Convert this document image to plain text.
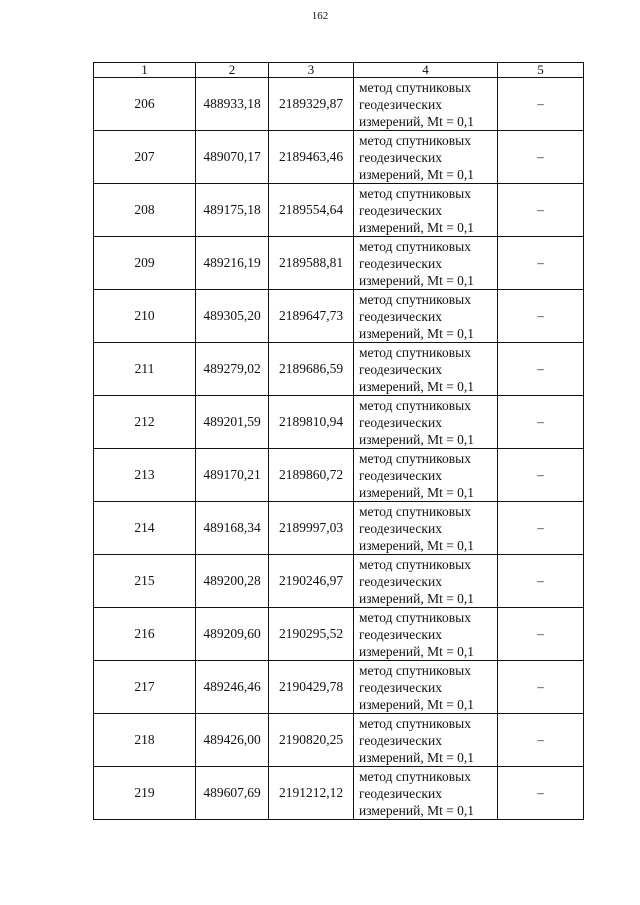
162
1	2	3	4	5
206	488933,18	2189329,87	метод спутниковых
геодезических
измерений, Mt = 0,1	–
207	489070,17	2189463,46	метод спутниковых
геодезических
измерений, Mt = 0,1	–
208	489175,18	2189554,64	метод спутниковых
геодезических
измерений, Mt = 0,1	–
209	489216,19	2189588,81	метод спутниковых
геодезических
измерений, Mt = 0,1	–
210	489305,20	2189647,73	метод спутниковых
геодезических
измерений, Mt = 0,1	–
211	489279,02	2189686,59	метод спутниковых
геодезических
измерений, Mt = 0,1	–
212	489201,59	2189810,94	метод спутниковых
геодезических
измерений, Mt = 0,1	–
213	489170,21	2189860,72	метод спутниковых
геодезических
измерений, Mt = 0,1	–
214	489168,34	2189997,03	метод спутниковых
геодезических
измерений, Mt = 0,1	–
215	489200,28	2190246,97	метод спутниковых
геодезических
измерений, Mt = 0,1	–
216	489209,60	2190295,52	метод спутниковых
геодезических
измерений, Mt = 0,1	–
217	489246,46	2190429,78	метод спутниковых
геодезических
измерений, Mt = 0,1	–
218	489426,00	2190820,25	метод спутниковых
геодезических
измерений, Mt = 0,1	–
219	489607,69	2191212,12	метод спутниковых
геодезических
измерений, Mt = 0,1	–
